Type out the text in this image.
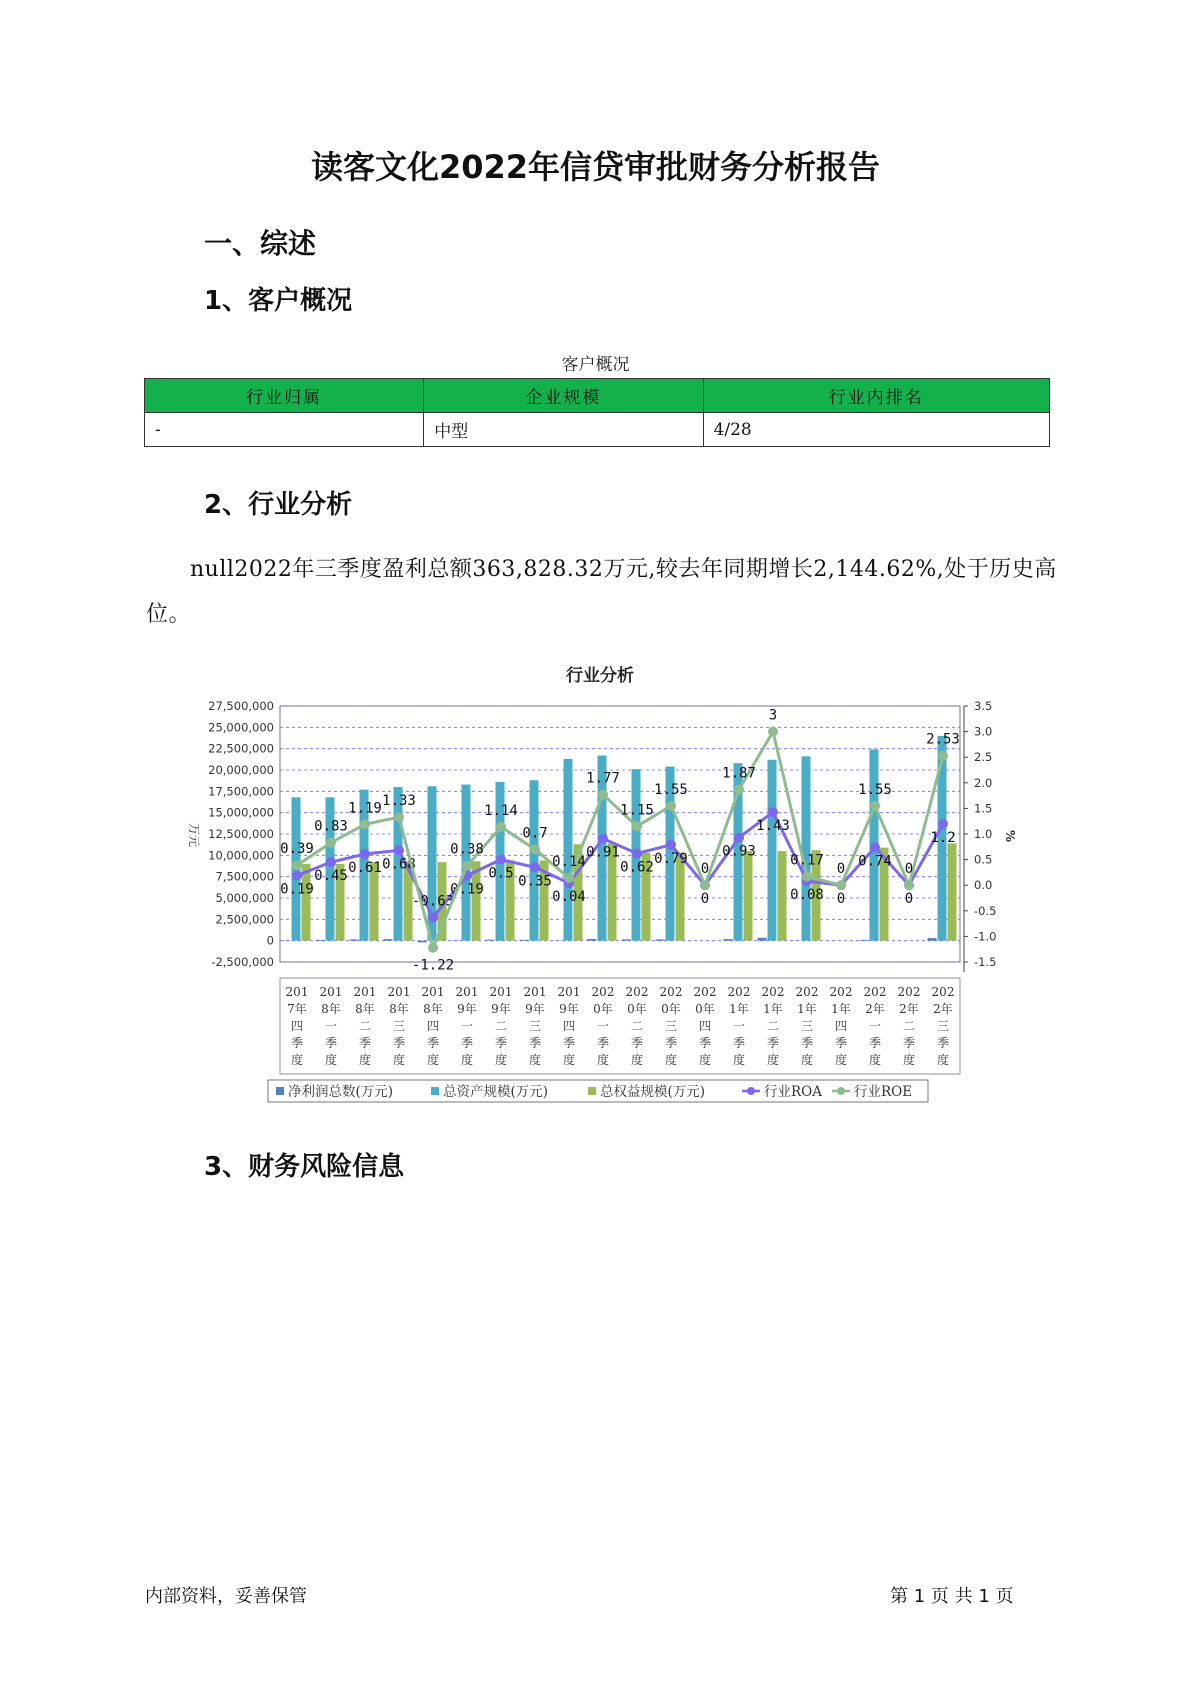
读客文化2022年信贷审批财务分析报告
一、综述
1、客户概况
客户概况
行业归属	企业规模	行业内排名
-	中型	4/28
2、行业分析
null2022年三季度盈利总额363,828.32万元,较去年同期增长2,144.62%,处于历史高位。
行业分析
27,500,000
25,000,000
22,500,000
20,000,000
17,500,000
15,000,000
12,500,000
10,000,000
7,500,000
5,000,000
2,500,000
0
-2,500,000
3.5
3.0
2.5
2.0
1.5
1.0
0.5
0.0
-0.5
-1.0
-1.5
万元	%
0.19
0.45
0.61 0.68
-0.63
0.19
0.5 0.35
0.04
0.91
0.62
0.79
0
0.93
1.43
0.08 0
0.74
0
1.2
0.39
0.83
1.19 1.33
-1.22
0.38
1.14
0.7
0.14
1.77
1.15
1.55
0
1.87
3
0.17
0
1.55
0
2.53
201
7年
四
季
度
201
8年
一
季
度
201
8年
二
季
度
201
8年
三
季
度
201
8年
四
季
度
201
9年
一
季
度
201
9年
二
季
度
201
9年
三
季
度
201
9年
四
季
度
202
0年
一
季
度
202
0年
二
季
度
202
0年
三
季
度
202
0年
四
季
度
202
1年
一
季
度
202
1年
二
季
度
202
1年
三
季
度
202
1年
四
季
度
202
2年
一
季
度
202
2年
二
季
度
202
2年
三
季
度
净利润总数(万元)	总资产规模(万元)	总权益规模(万元)	行业ROA 行业ROE
3、财务风险信息
内部资料，妥善保管	第 1 页 共 1 页
